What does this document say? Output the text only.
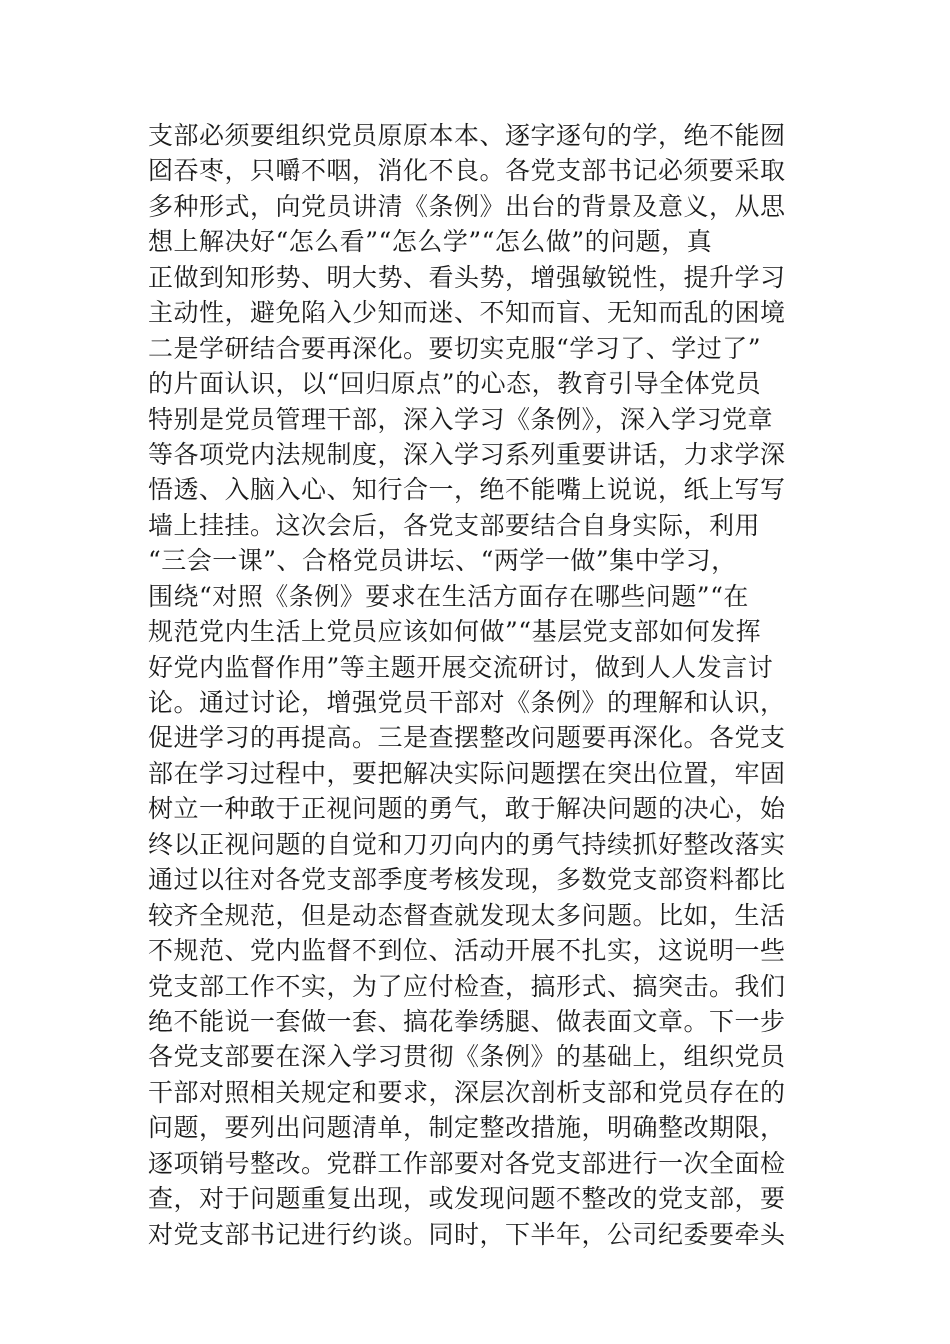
支部必须要组织党员原原本本、逐字逐句的学，绝不能囫
囵吞枣，只嚼不咽，消化不良。各党支部书记必须要采取
多种形式，向党员讲清《条例》出台的背景及意义，从思
想上解决好“怎么看”“怎么学”“怎么做”的问题，真
正做到知形势、明大势、看头势，增强敏锐性，提升学习
主动性，避免陷入少知而迷、不知而盲、无知而乱的困境
二是学研结合要再深化。要切实克服“学习了、学过了”
的片面认识，以“回归原点”的心态，教育引导全体党员
特别是党员管理干部，深入学习《条例》，深入学习党章
等各项党内法规制度，深入学习系列重要讲话，力求学深
悟透、入脑入心、知行合一，绝不能嘴上说说，纸上写写
墙上挂挂。这次会后，各党支部要结合自身实际，利用
“三会一课”、合格党员讲坛、“两学一做”集中学习，
围绕“对照《条例》要求在生活方面存在哪些问题”“在
规范党内生活上党员应该如何做”“基层党支部如何发挥
好党内监督作用”等主题开展交流研讨，做到人人发言讨
论。通过讨论，增强党员干部对《条例》的理解和认识，
促进学习的再提高。三是查摆整改问题要再深化。各党支
部在学习过程中，要把解决实际问题摆在突出位置，牢固
树立一种敢于正视问题的勇气，敢于解决问题的决心，始
终以正视问题的自觉和刀刃向内的勇气持续抓好整改落实
通过以往对各党支部季度考核发现，多数党支部资料都比
较齐全规范，但是动态督查就发现太多问题。比如，生活
不规范、党内监督不到位、活动开展不扎实，这说明一些
党支部工作不实，为了应付检查，搞形式、搞突击。我们
绝不能说一套做一套、搞花拳绣腿、做表面文章。下一步
各党支部要在深入学习贯彻《条例》的基础上，组织党员
干部对照相关规定和要求，深层次剖析支部和党员存在的
问题，要列出问题清单，制定整改措施，明确整改期限，
逐项销号整改。党群工作部要对各党支部进行一次全面检
查，对于问题重复出现，或发现问题不整改的党支部，要
对党支部书记进行约谈。同时，下半年，公司纪委要牵头
